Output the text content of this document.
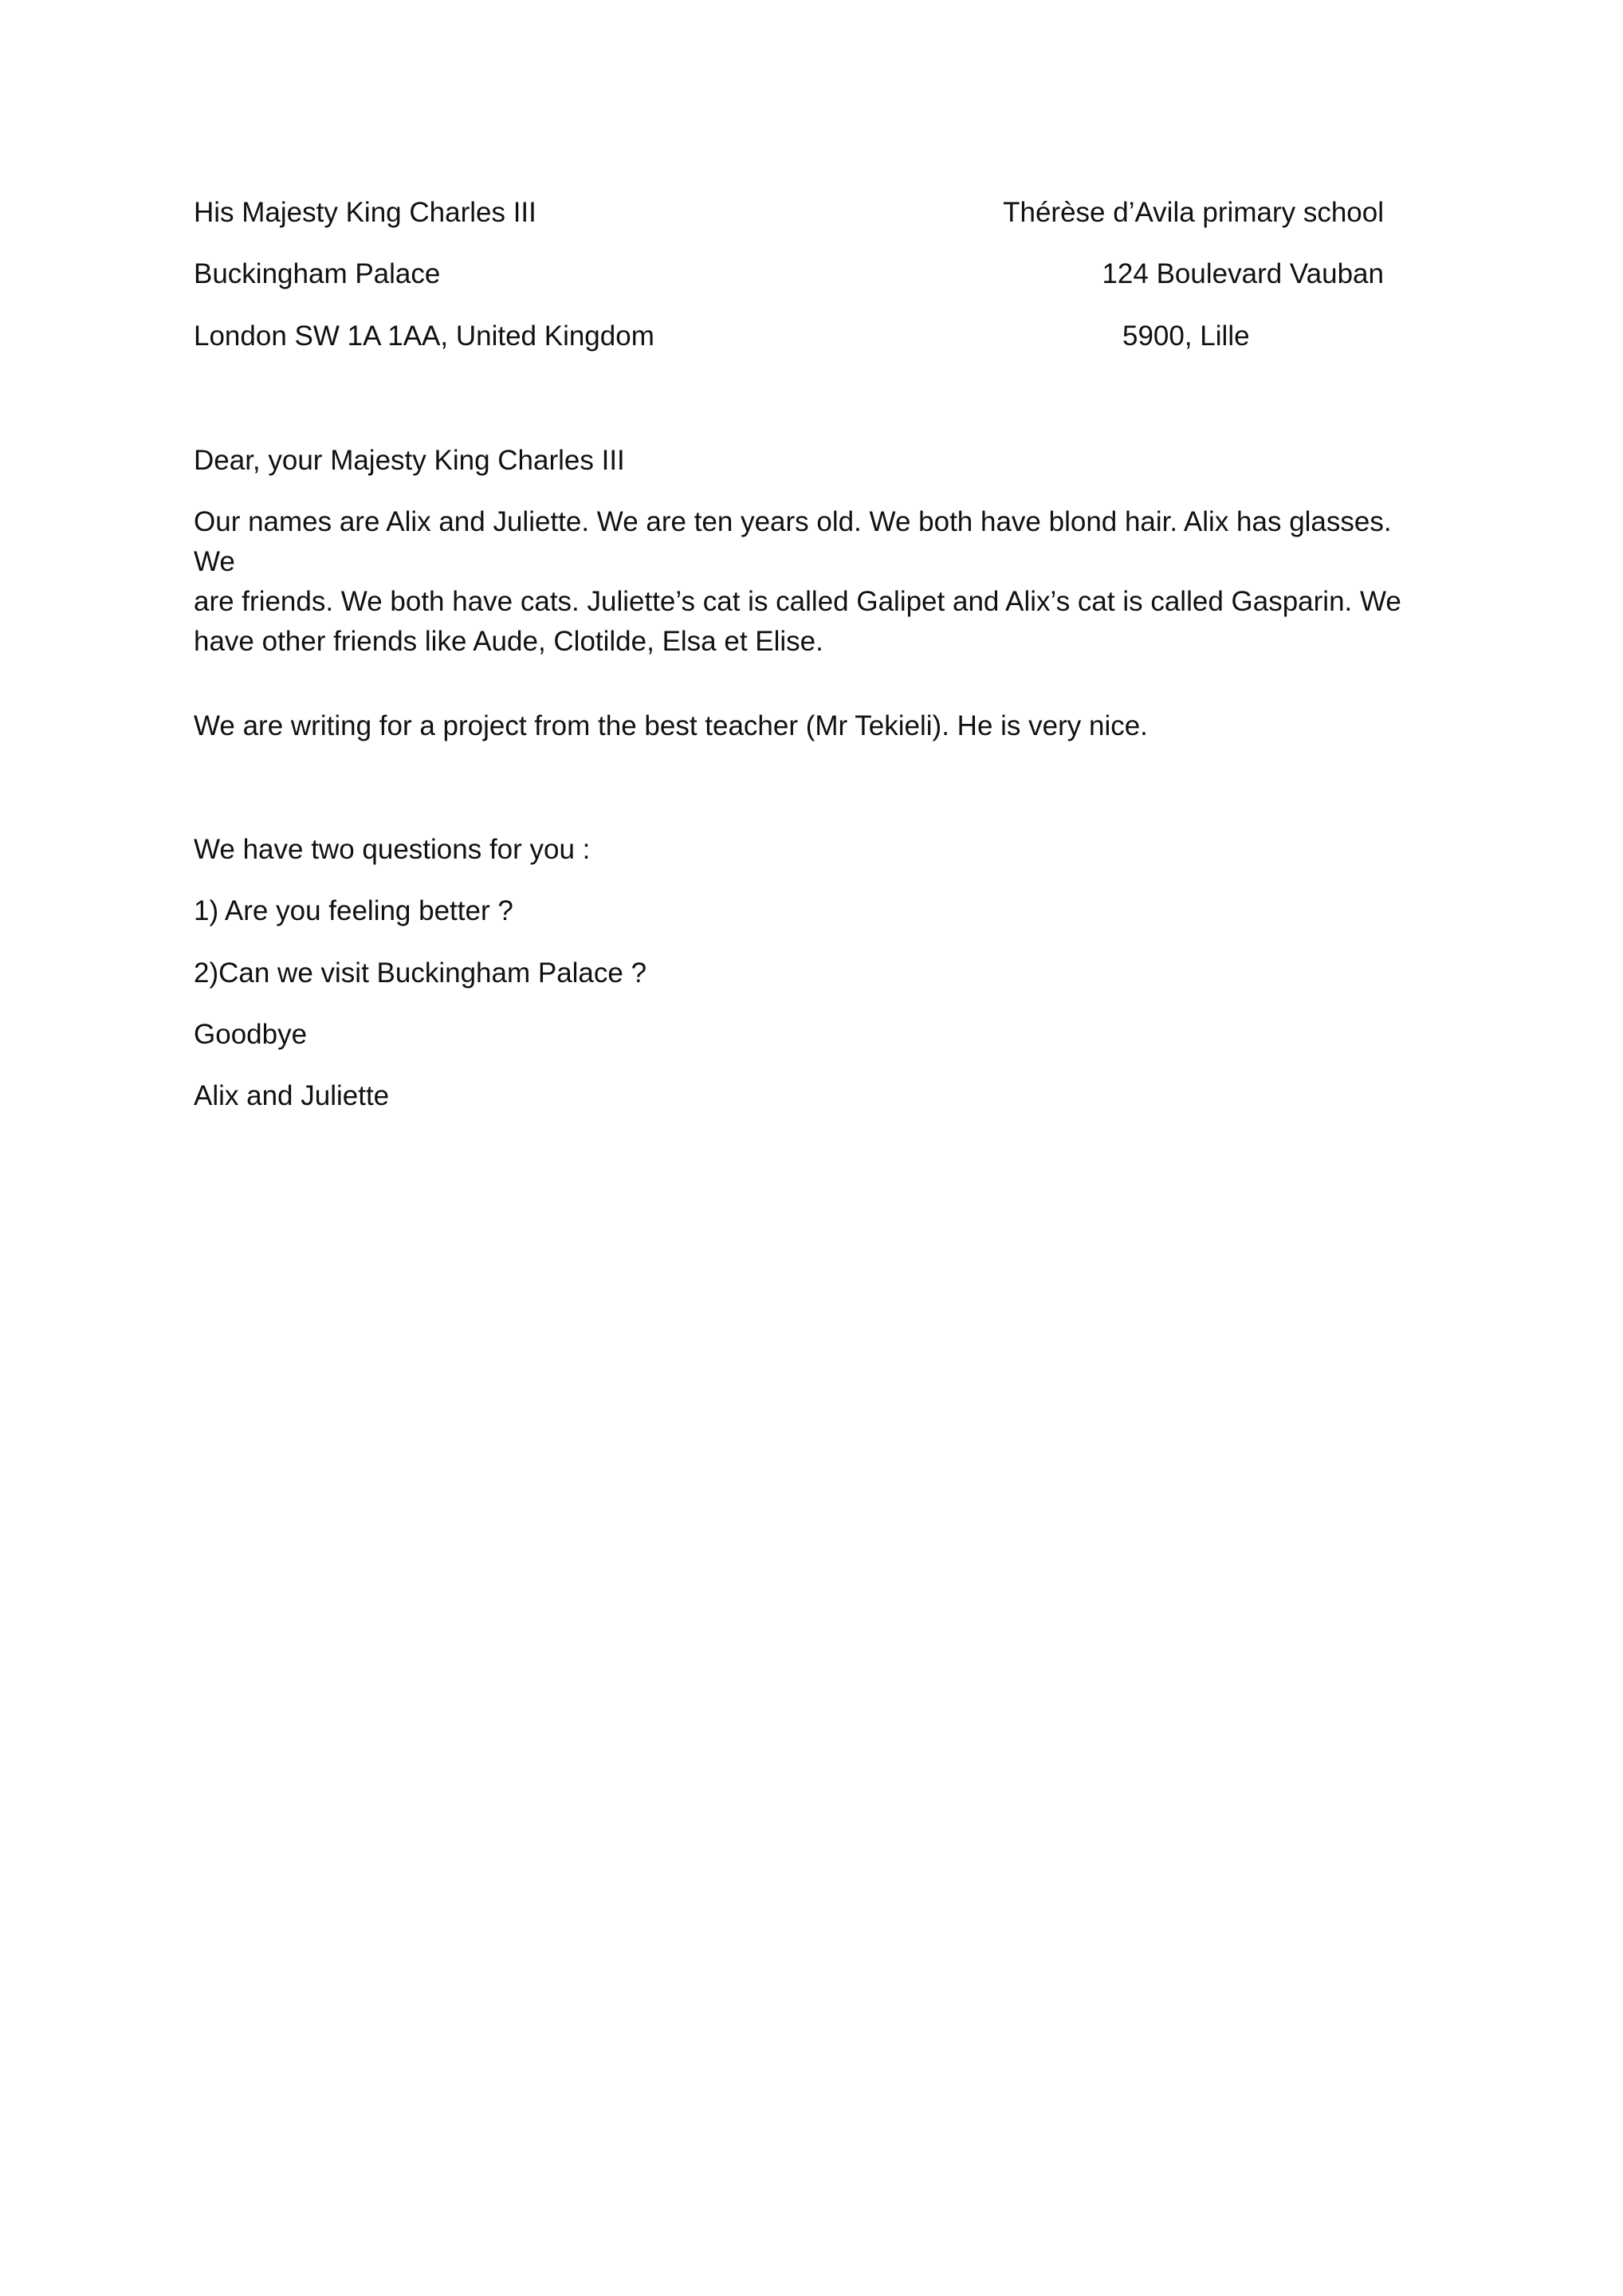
His Majesty King Charles III
Buckingham Palace
London SW 1A 1AA, United Kingdom
Thérèse d’Avila primary school
124 Boulevard Vauban
5900, Lille
Dear, your Majesty King Charles III
Our names are Alix and Juliette. We are ten years old. We both have blond hair. Alix has glasses. We
are friends. We both have cats. Juliette’s cat is called Galipet and Alix’s cat is called Gasparin. We
have other friends like Aude, Clotilde, Elsa et Elise.
We are writing for a project from the best teacher (Mr Tekieli). He is very nice.
We have two questions for you :
1) Are you feeling better ?
2)Can we visit Buckingham Palace ?
Goodbye
Alix and Juliette
